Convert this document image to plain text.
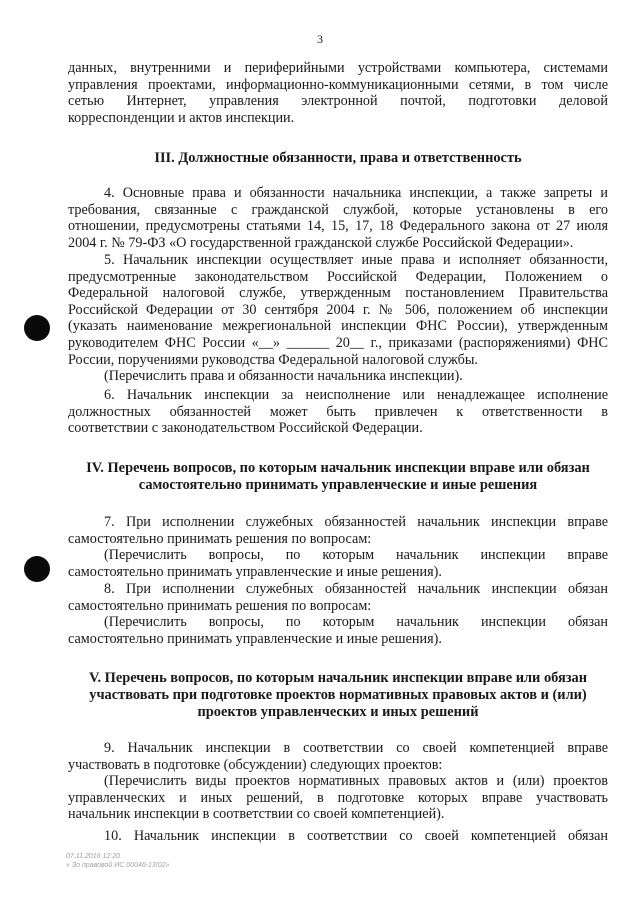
3

данных, внутренними и периферийными устройствами компьютера, системами

управления проектами, информационно-коммуникационными сетями, в том числе

сетью Интернет, управления электронной почтой, подготовки деловой

корреспонденции и актов инспекции.

III. Должностные обязанности, права и ответственность

4. Основные права и обязанности начальника инспекции, а также запреты и

требования, связанные с гражданской службой, которые установлены в его

отношении, предусмотрены статьями 14, 15, 17, 18 Федерального закона от 27 июля

2004 г. № 79-ФЗ «О государственной гражданской службе Российской Федерации».

5. Начальник инспекции осуществляет иные права и исполняет обязанности,

предусмотренные законодательством Российской Федерации, Положением о

Федеральной налоговой службе, утвержденным постановлением Правительства

Российской Федерации от 30 сентября 2004 г. № 506, положением об инспекции

(указать наименование межрегиональной инспекции ФНС России), утвержденным

руководителем ФНС России «__» ______ 20__ г., приказами (распоряжениями) ФНС

России, поручениями руководства Федеральной налоговой службы.

(Перечислить права и обязанности начальника инспекции).

6. Начальник инспекции за неисполнение или ненадлежащее исполнение

должностных обязанностей может быть привлечен к ответственности в

соответствии с законодательством Российской Федерации.

IV. Перечень вопросов, по которым начальник инспекции вправе или обязан

самостоятельно принимать управленческие и иные решения

7. При исполнении служебных обязанностей начальник инспекции вправе

самостоятельно принимать решения по вопросам:

(Перечислить вопросы, по которым начальник инспекции вправе

самостоятельно принимать управленческие и иные решения).

8. При исполнении служебных обязанностей начальник инспекции обязан

самостоятельно принимать решения по вопросам:

(Перечислить вопросы, по которым начальник инспекции обязан

самостоятельно принимать управленческие и иные решения).

V. Перечень вопросов, по которым начальник инспекции вправе или обязан

участвовать при подготовке проектов нормативных правовых актов и (или)

проектов управленческих и иных решений

9. Начальник инспекции в соответствии со своей компетенцией вправе

участвовать в подготовке (обсуждении) следующих проектов:

(Перечислить виды проектов нормативных правовых актов и (или) проектов

управленческих и иных решений, в подготовке которых вправе участвовать

начальник инспекции в соответствии со своей компетенцией).

10. Начальник инспекции в соответствии со своей компетенцией обязан

07.11.2016 12:20

« Зо правовой ИС 00046-13/02»
